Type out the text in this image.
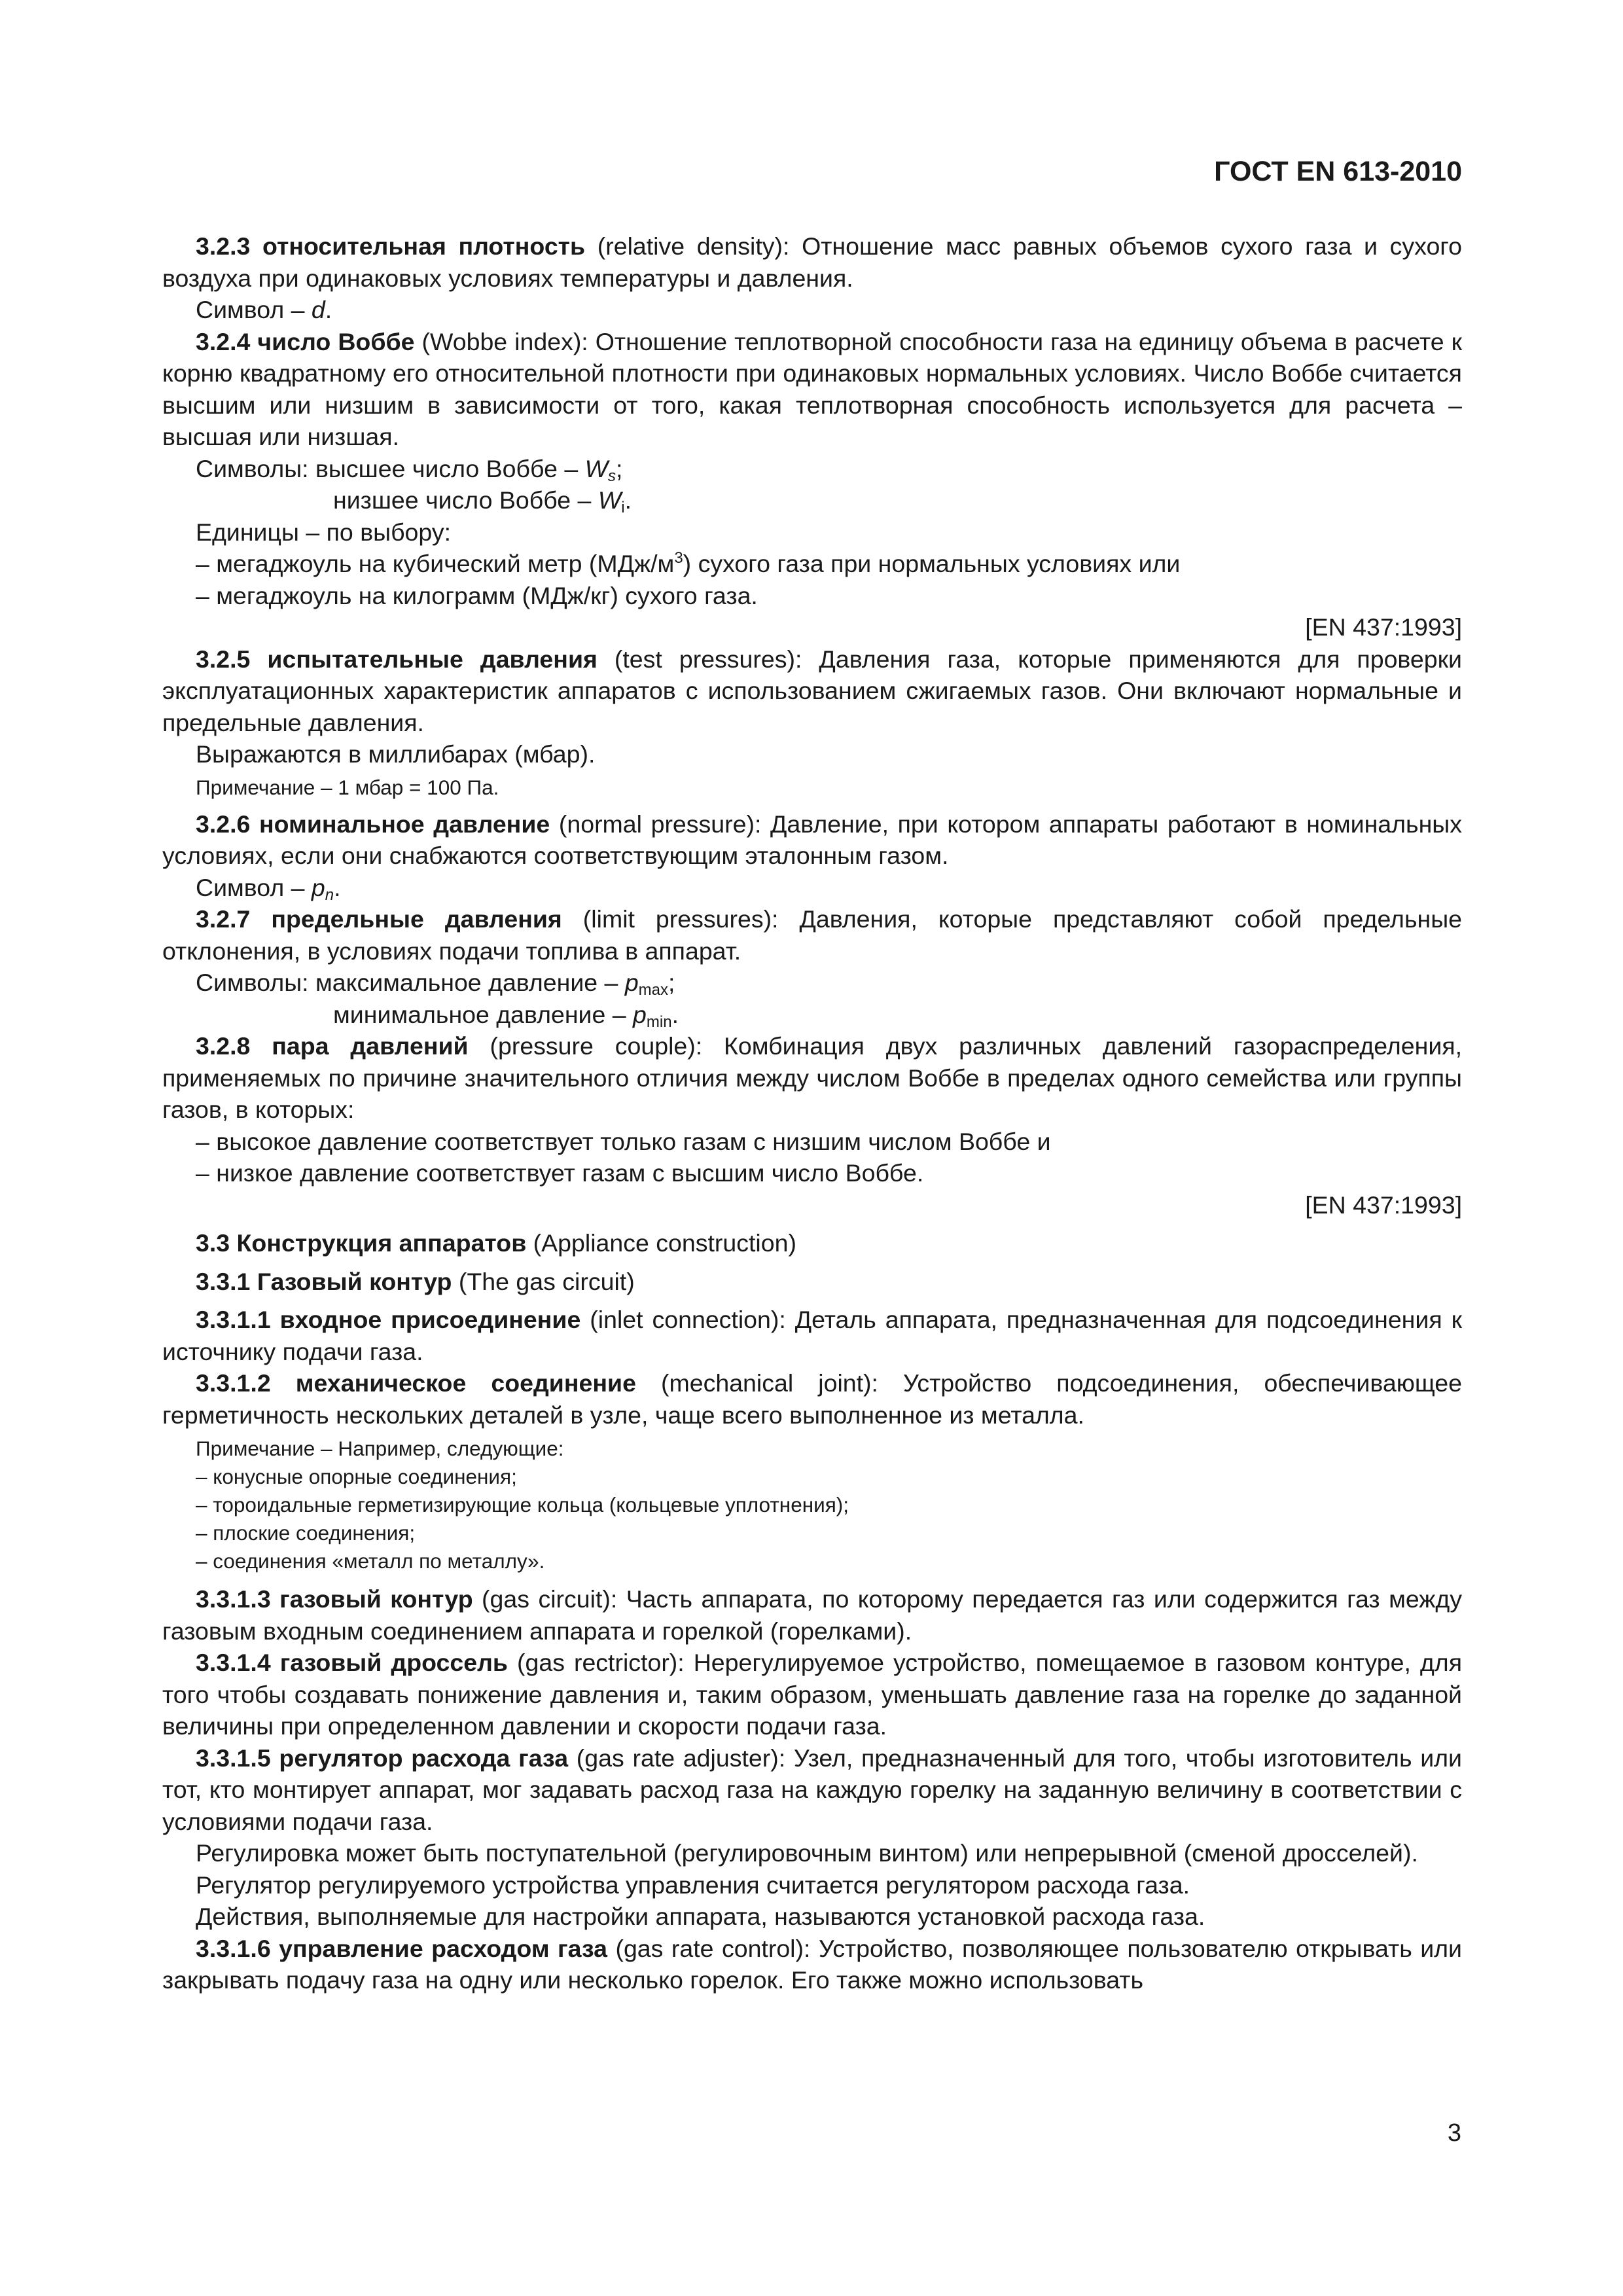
ГОСТ EN 613-2010

3.2.3 относительная плотность (relative density): Отношение масс равных объемов сухого газа и сухого воздуха при одинаковых условиях температуры и давления.

Символ – d.

3.2.4 число Воббе (Wobbe index): Отношение теплотворной способности газа на единицу объема в расчете к корню квадратному его относительной плотности при одинаковых нормальных условиях. Число Воббе считается высшим или низшим в зависимости от того, какая теплотворная способность используется для расчета – высшая или низшая.

Символы: высшее число Воббе – $W_s$;

низшее число Воббе – $W_i$.

Единицы – по выбору:

– мегаджоуль на кубический метр $(МДж/м^3)$ сухого газа при нормальных условиях или

– мегаджоуль на килограмм (МДж/кг) сухого газа.

[EN 437:1993]

3.2.5 испытательные давления (test pressures): Давления газа, которые применяются для проверки эксплуатационных характеристик аппаратов с использованием сжигаемых газов. Они включают нормальные и предельные давления.

Выражаются в миллибарах (мбар).

Примечание – 1 мбар = 100 Па.

3.2.6 номинальное давление (normal pressure): Давление, при котором аппараты работают в номинальных условиях, если они снабжаются соответствующим эталонным газом.

Символ – $p_n$.

3.2.7 предельные давления (limit pressures): Давления, которые представляют собой предельные отклонения, в условиях подачи топлива в аппарат.

Символы: максимальное давление – $p_{max}$;

минимальное давление – $p_{min}$.

3.2.8 пара давлений (pressure couple): Комбинация двух различных давлений газораспределения, применяемых по причине значительного отличия между числом Воббе в пределах одного семейства или группы газов, в которых:

– высокое давление соответствует только газам с низшим числом Воббе и

– низкое давление соответствует газам с высшим число Воббе.

[EN 437:1993]

3.3 Конструкция аппаратов (Appliance construction)

3.3.1 Газовый контур (The gas circuit)

3.3.1.1 входное присоединение (inlet connection): Деталь аппарата, предназначенная для подсоединения к источнику подачи газа.

3.3.1.2 механическое соединение (mechanical joint): Устройство подсоединения, обеспечивающее герметичность нескольких деталей в узле, чаще всего выполненное из металла.

Примечание – Например, следующие:

– конусные опорные соединения;

– тороидальные герметизирующие кольца (кольцевые уплотнения);

– плоские соединения;

– соединения «металл по металлу».

3.3.1.3 газовый контур (gas circuit): Часть аппарата, по которому передается газ или содержится газ между газовым входным соединением аппарата и горелкой (горелками).

3.3.1.4 газовый дроссель (gas rectrictor): Нерегулируемое устройство, помещаемое в газовом контуре, для того чтобы создавать понижение давления и, таким образом, уменьшать давление газа на горелке до заданной величины при определенном давлении и скорости подачи газа.

3.3.1.5 регулятор расхода газа (gas rate adjuster): Узел, предназначенный для того, чтобы изготовитель или тот, кто монтирует аппарат, мог задавать расход газа на каждую горелку на заданную величину в соответствии с условиями подачи газа.

Регулировка может быть поступательной (регулировочным винтом) или непрерывной (сменой дросселей).

Регулятор регулируемого устройства управления считается регулятором расхода газа.

Действия, выполняемые для настройки аппарата, называются установкой расхода газа.

3.3.1.6 управление расходом газа (gas rate control): Устройство, позволяющее пользователю открывать или закрывать подачу газа на одну или несколько горелок. Его также можно использовать

3
